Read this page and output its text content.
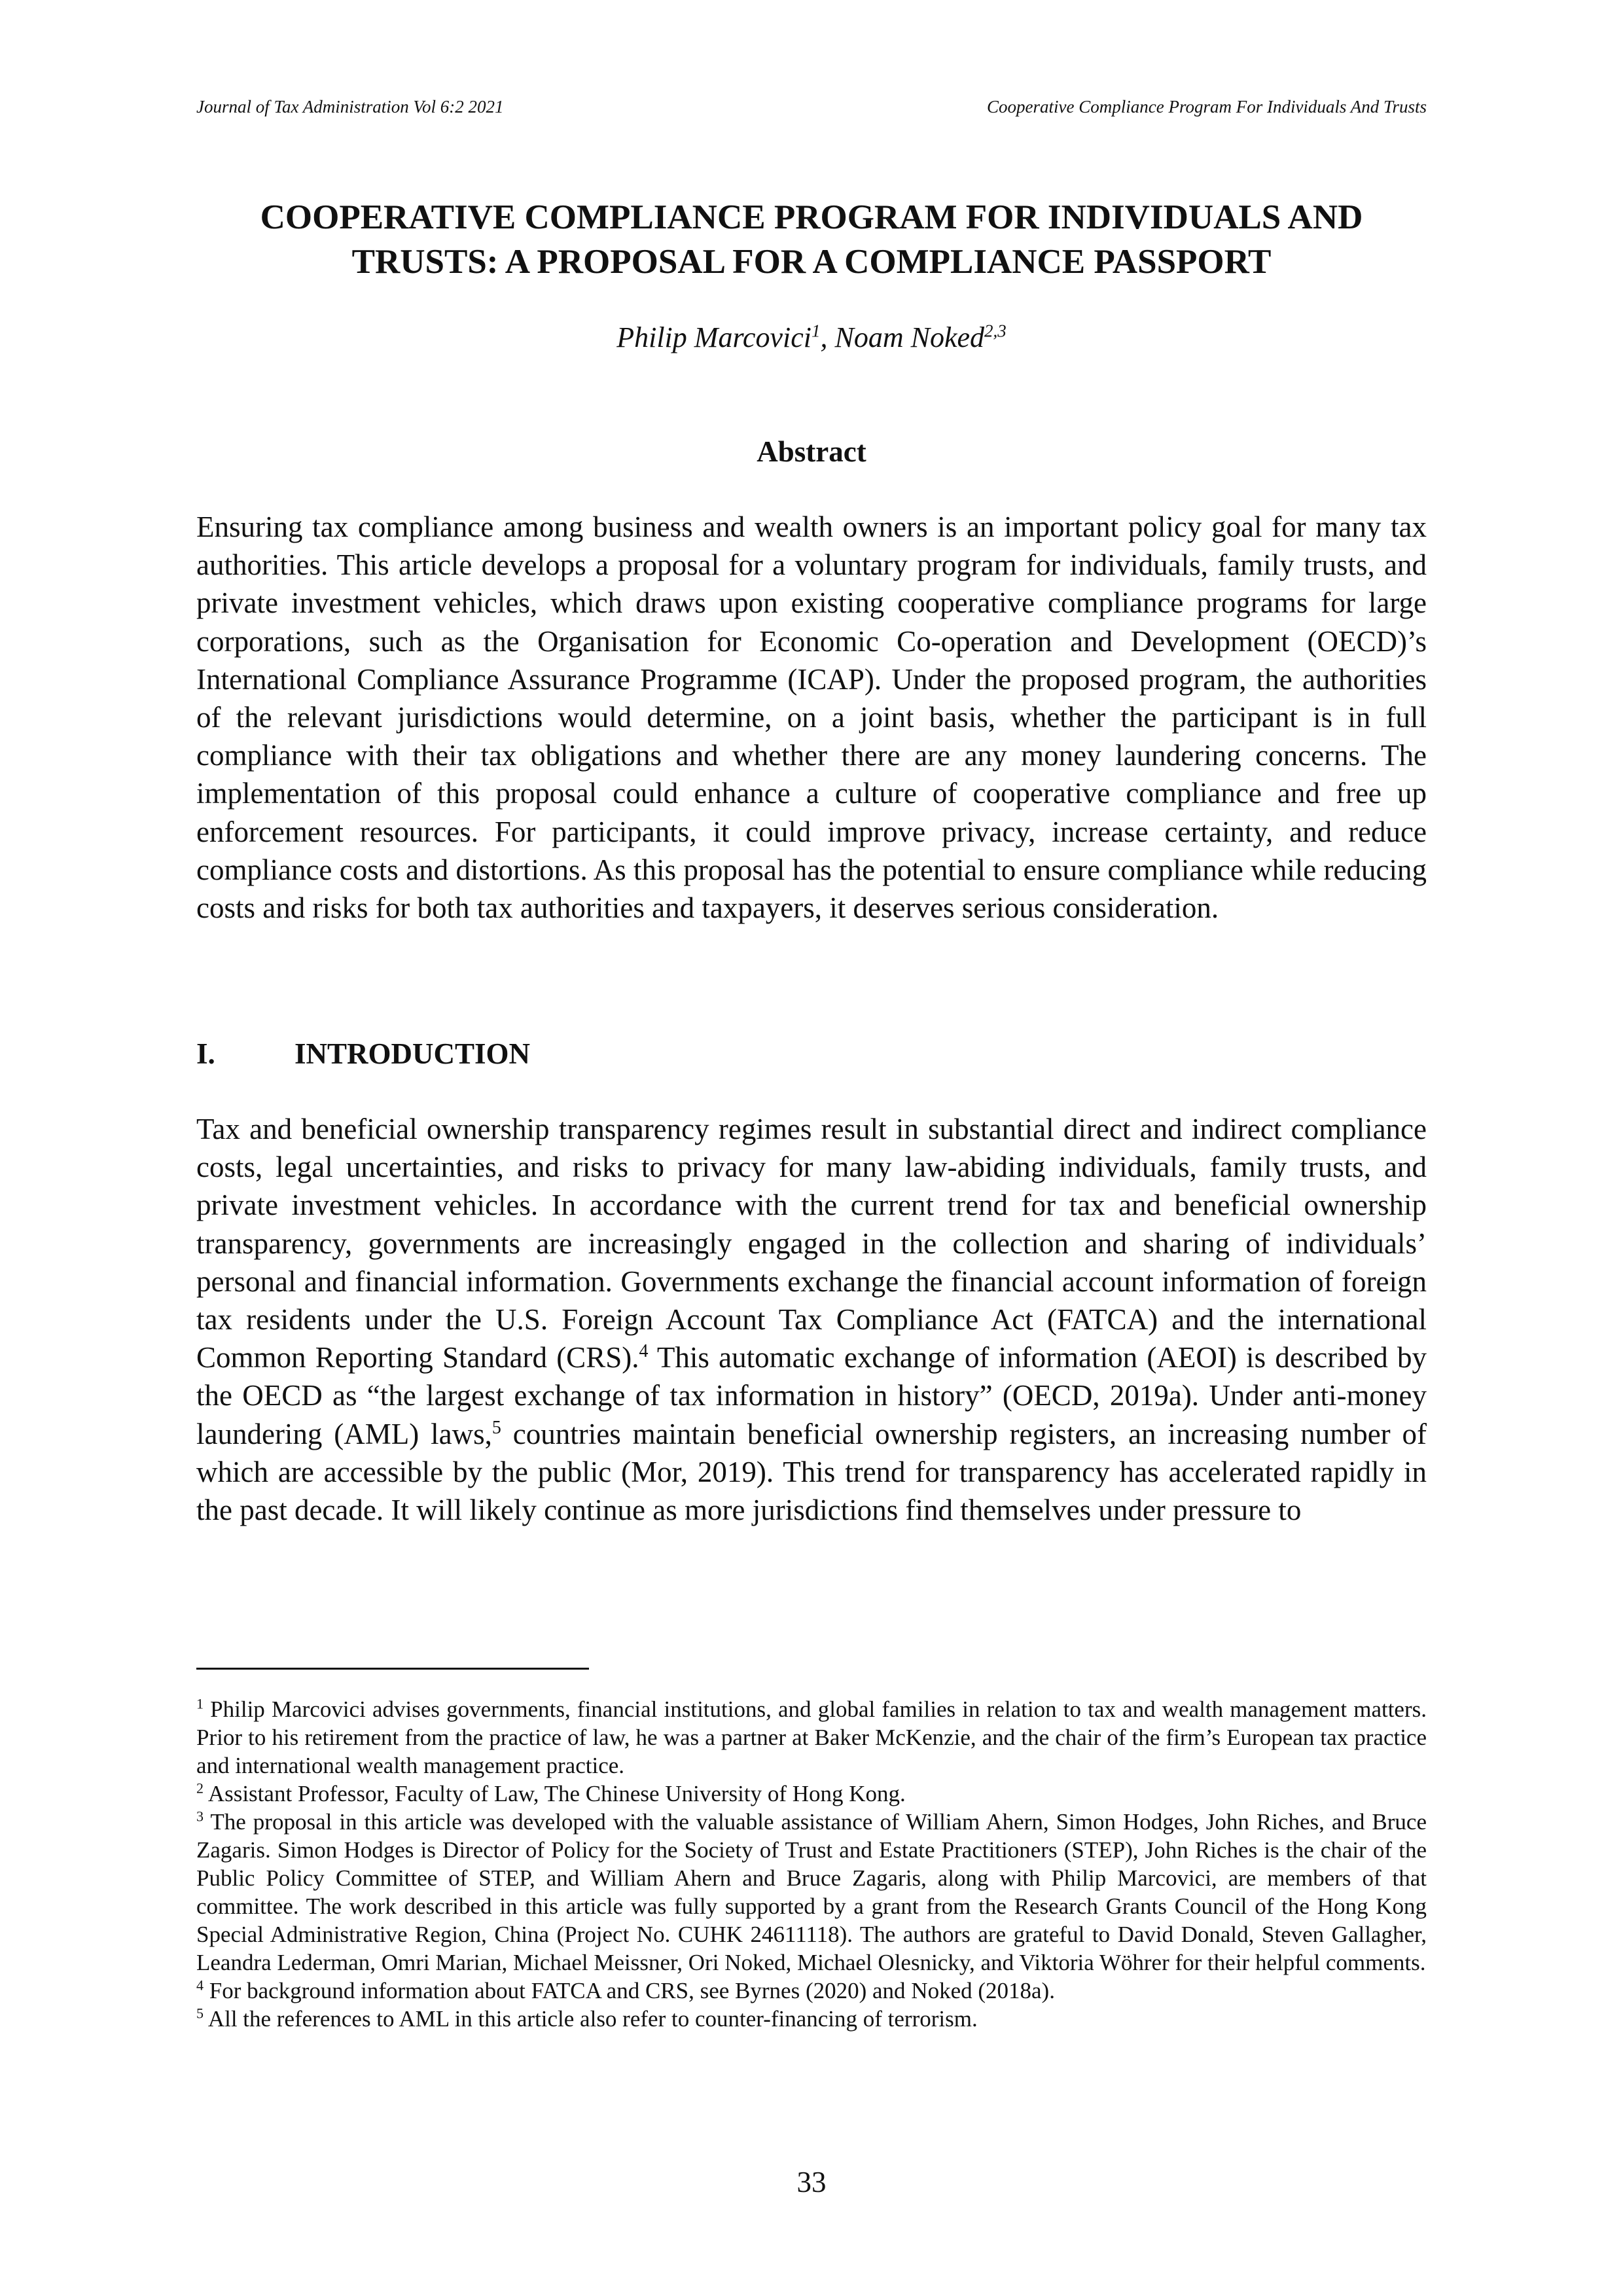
Journal of Tax Administration Vol 6:2 2021	Cooperative Compliance Program For Individuals And Trusts
COOPERATIVE COMPLIANCE PROGRAM FOR INDIVIDUALS AND
TRUSTS: A PROPOSAL FOR A COMPLIANCE PASSPORT
Philip Marcovici$^1$, Noam Noked$^{2,3}$
Abstract

Ensuring tax compliance among business and wealth owners is an important policy goal for many tax authorities. This article develops a proposal for a voluntary program for individuals, family trusts, and private investment vehicles, which draws upon existing cooperative compliance programs for large corporations, such as the Organisation for Economic Co-operation and Development (OECD)’s International Compliance Assurance Programme (ICAP). Under the proposed program, the authorities of the relevant jurisdictions would determine, on a joint basis, whether the participant is in full compliance with their tax obligations and whether there are any money laundering concerns. The implementation of this proposal could enhance a culture of cooperative compliance and free up enforcement resources. For participants, it could improve privacy, increase certainty, and reduce compliance costs and distortions. As this proposal has the potential to ensure compliance while reducing costs and risks for both tax authorities and taxpayers, it deserves serious consideration.

I.	INTRODUCTION

Tax and beneficial ownership transparency regimes result in substantial direct and indirect compliance costs, legal uncertainties, and risks to privacy for many law-abiding individuals, family trusts, and private investment vehicles. In accordance with the current trend for tax and beneficial ownership transparency, governments are increasingly engaged in the collection and sharing of individuals’ personal and financial information. Governments exchange the financial account information of foreign tax residents under the U.S. Foreign Account Tax Compliance Act (FATCA) and the international Common Reporting Standard (CRS).$^4$ This automatic exchange of information (AEOI) is described by the OECD as “the largest exchange of tax information in history” (OECD, 2019a). Under anti-money laundering (AML) laws,$^5$ countries maintain beneficial ownership registers, an increasing number of which are accessible by the public (Mor, 2019). This trend for transparency has accelerated rapidly in the past decade. It will likely continue as more jurisdictions find themselves under pressure to

$^1$ Philip Marcovici advises governments, financial institutions, and global families in relation to tax and wealth management matters. Prior to his retirement from the practice of law, he was a partner at Baker McKenzie, and the chair of the firm’s European tax practice and international wealth management practice.

$^2$ Assistant Professor, Faculty of Law, The Chinese University of Hong Kong.

$^3$ The proposal in this article was developed with the valuable assistance of William Ahern, Simon Hodges, John Riches, and Bruce Zagaris. Simon Hodges is Director of Policy for the Society of Trust and Estate Practitioners (STEP), John Riches is the chair of the Public Policy Committee of STEP, and William Ahern and Bruce Zagaris, along with Philip Marcovici, are members of that committee. The work described in this article was fully supported by a grant from the Research Grants Council of the Hong Kong Special Administrative Region, China (Project No. CUHK 24611118). The authors are grateful to David Donald, Steven Gallagher, Leandra Lederman, Omri Marian, Michael Meissner, Ori Noked, Michael Olesnicky, and Viktoria Wöhrer for their helpful comments.

$^4$ For background information about FATCA and CRS, see Byrnes (2020) and Noked (2018a).

$^5$ All the references to AML in this article also refer to counter-financing of terrorism.

33
